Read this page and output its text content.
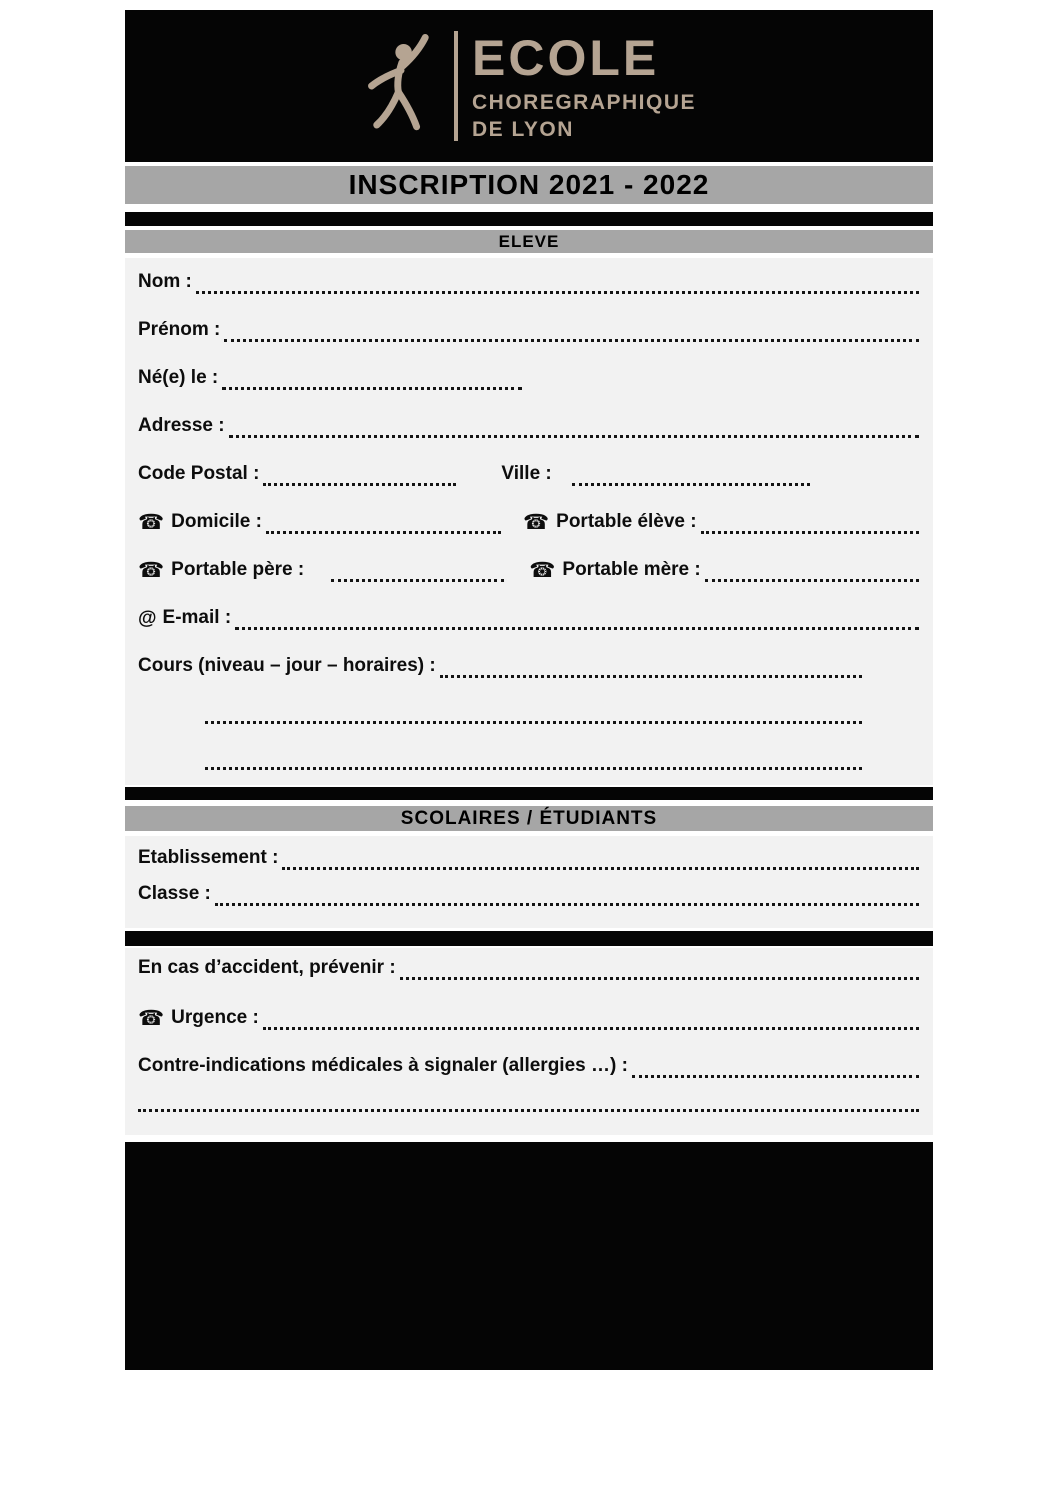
ECOLE
CHOREGRAPHIQUE
DE LYON
INSCRIPTION 2021 - 2022
ELEVE
Nom :
Prénom :
Né(e) le :
Adresse :
Code Postal :	Ville :
☎ Domicile :	☎ Portable élève :
☎ Portable père :	☎ Portable mère :
@ E-mail :
Cours (niveau – jour – horaires) :
SCOLAIRES / ÉTUDIANTS
Etablissement :
Classe :
En cas d’accident, prévenir :
☎ Urgence :
Contre-indications médicales à signaler (allergies …) :
